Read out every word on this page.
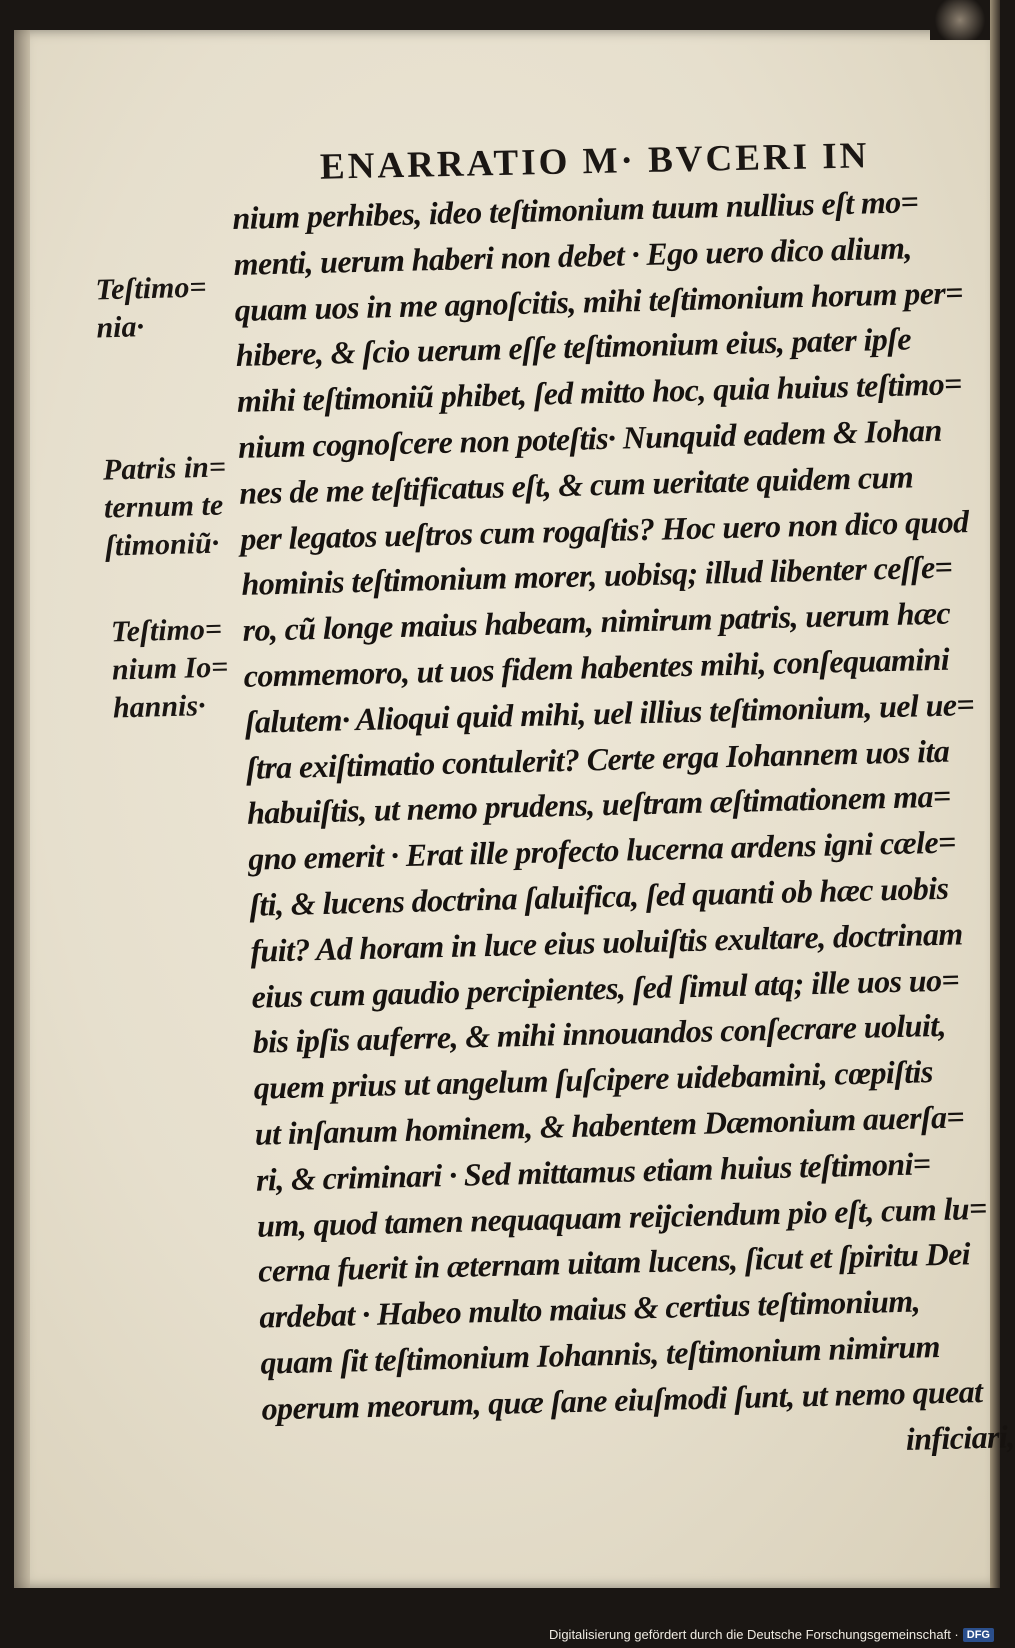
ENARRATIO M· BVCERI IN
Teſtimo=
nia·
Patris in=
ternum te
ſtimoniũ·
Teſtimo=
nium Io=
hannis·
nium perhibes, ideo teſtimonium tuum nullius eſt mo=
menti, uerum haberi non debet · Ego uero dico alium,
quam uos in me agnoſcitis, mihi teſtimonium horum per=
hibere, & ſcio uerum eſſe teſtimonium eius, pater ipſe
mihi teſtimoniũ phibet, ſed mitto hoc, quia huius teſtimo=
nium cognoſcere non poteſtis· Nunquid eadem & Iohan
nes de me teſtificatus eſt, & cum ueritate quidem cum
per legatos ueſtros cum rogaſtis? Hoc uero non dico quod
hominis teſtimonium morer, uobisq; illud libenter ceſſe=
ro, cũ longe maius habeam, nimirum patris, uerum hæc
commemoro, ut uos fidem habentes mihi, conſequamini
ſalutem· Alioqui quid mihi, uel illius teſtimonium, uel ue=
ſtra exiſtimatio contulerit? Certe erga Iohannem uos ita
habuiſtis, ut nemo prudens, ueſtram æſtimationem ma=
gno emerit · Erat ille profecto lucerna ardens igni cæle=
ſti, & lucens doctrina ſaluifica, ſed quanti ob hæc uobis
fuit? Ad horam in luce eius uoluiſtis exultare, doctrinam
eius cum gaudio percipientes, ſed ſimul atq; ille uos uo=
bis ipſis auferre, & mihi innouandos conſecrare uoluit,
quem prius ut angelum ſuſcipere uidebamini, cœpiſtis
ut inſanum hominem, & habentem Dæmonium auerſa=
ri, & criminari · Sed mittamus etiam huius teſtimoni=
um, quod tamen nequaquam reijciendum pio eſt, cum lu=
cerna fuerit in æternam uitam lucens, ſicut et ſpiritu Dei
ardebat · Habeo multo maius & certius teſtimonium,
quam ſit teſtimonium Iohannis, teſtimonium nimirum
operum meorum, quæ ſane eiuſmodi ſunt, ut nemo queat
inficiari,
Digitalisierung gefördert durch die Deutsche Forschungsgemeinschaft · DFG
